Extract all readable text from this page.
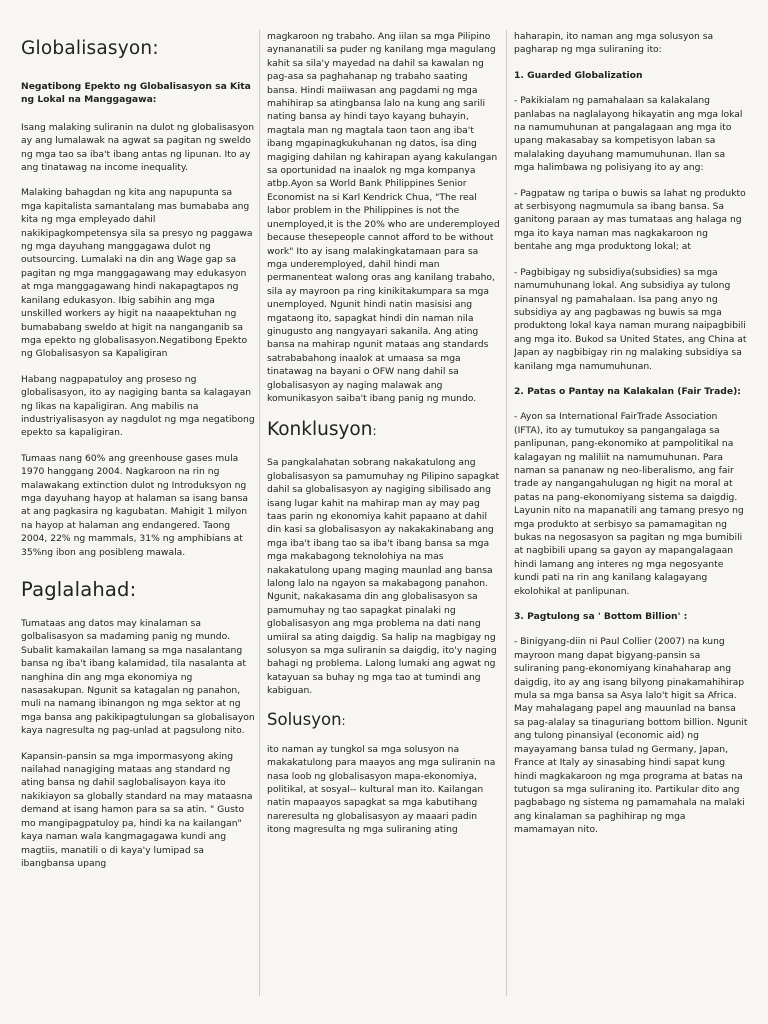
Globalisasyon:
Negatibong Epekto ng Globalisasyon sa Kita ng Lokal na Manggagawa:

Isang malaking suliranin na dulot ng globalisasyon ay ang lumalawak na agwat sa pagitan ng sweldo ng mga tao sa iba't ibang antas ng lipunan. Ito ay ang tinatawag na income inequality.

Malaking bahagdan ng kita ang napupunta sa mga kapitalista samantalang mas bumababa ang kita ng mga empleyado dahil nakikipagkompetensya sila sa presyo ng paggawa ng mga dayuhang manggagawa dulot ng outsourcing. Lumalaki na din ang Wage gap sa pagitan ng mga manggagawang may edukasyon at mga manggagawang hindi nakapagtapos ng kanilang edukasyon. Ibig sabihin ang mga unskilled workers ay higit na naaapektuhan ng bumababang sweldo at higit na nanganganib sa mga epekto ng globalisasyon.Negatibong Epekto ng Globalisasyon sa Kapaligiran

Habang nagpapatuloy ang proseso ng globalisasyon, ito ay nagiging banta sa kalagayan ng likas na kapaligiran. Ang mabilis na industriyalisasyon ay nagdulot ng mga negatibong epekto sa kapaligiran.

Tumaas nang 60% ang greenhouse gases mula 1970 hanggang 2004. Nagkaroon na rin ng malawakang extinction dulot ng Introduksyon ng mga dayuhang hayop at halaman sa isang bansa at ang pagkasira ng kagubatan. Mahigit 1 milyon na hayop at halaman ang endangered. Taong 2004, 22% ng mammals, 31% ng amphibians at 35%ng ibon ang posibleng mawala.

Paglalahad:

Tumataas ang datos may kinalaman sa golbalisasyon sa madaming panig ng mundo. Subalit kamakailan lamang sa mga nasalantang bansa ng iba't ibang kalamidad, tila nasalanta at nanghina din ang mga ekonomiya ng nasasakupan. Ngunit sa katagalan ng panahon, muli na namang ibinangon ng mga sektor at ng mga bansa ang pakikipagtulungan sa globalisayon kaya nagresulta ng pag-unlad at pagsulong nito.

Kapansin-pansin sa mga impormasyong aking nailahad nanagiging mataas ang standard ng ating bansa ng dahil saglobalisayon kaya ito nakikiayon sa globally standard na may mataasna demand at isang hamon para sa sa atin. " Gusto mo mangipagpatuloy pa, hindi ka na kailangan" kaya naman wala kangmagagawa kundi ang magtiis, manatili o di kaya'y lumipad sa ibangbansa upang

magkaroon ng trabaho. Ang iilan sa mga Pilipino aynananatili sa puder ng kanilang mga magulang kahit sa sila'y mayedad na dahil sa kawalan ng pag-asa sa paghahanap ng trabaho saating bansa. Hindi maiiwasan ang pagdami ng mga mahihirap sa atingbansa lalo na kung ang sarili nating bansa ay hindi tayo kayang buhayin, magtala man ng magtala taon taon ang iba't ibang mgapinagkukuhanan ng datos, isa ding magiging dahilan ng kahirapan ayang kakulangan sa oportunidad na inaalok ng mga kompanya atbp.Ayon sa World Bank Philippines Senior Economist na si Karl Kendrick Chua, "The real labor problem in the Philippines is not the unemployed,it is the 20% who are underemployed because thesepeople cannot afford to be without work" Ito ay isang malakingkatamaan para sa mga underemployed, dahil hindi man permanenteat walong oras ang kanilang trabaho, sila ay mayroon pa ring kinikitakumpara sa mga unemployed. Ngunit hindi natin masisisi ang mgataong ito, sapagkat hindi din naman nila ginugusto ang nangyayari sakanila. Ang ating bansa na mahirap ngunit mataas ang standards satrababahong inaalok at umaasa sa mga tinatawag na bayani o OFW nang dahil sa globalisasyon ay naging malawak ang komunikasyon saiba't ibang panig ng mundo.

Konklusyon:

Sa pangkalahatan sobrang nakakatulong ang globalisasyon sa pamumuhay ng Pilipino sapagkat dahil sa globalisasyon ay nagiging sibilisado ang isang lugar kahit na mahirap man ay may pag taas parin ng ekonomiya kahit papaano at dahil din kasi sa globalisasyon ay nakakakinabang ang mga iba't ibang tao sa iba't ibang bansa sa mga mga makabagong teknolohiya na mas nakakatulong upang maging maunlad ang bansa lalong lalo na ngayon sa makabagong panahon. Ngunit, nakakasama din ang globalisasyon sa pamumuhay ng tao sapagkat pinalaki ng globalisasyon ang mga problema na dati nang umiiral sa ating daigdig. Sa halip na magbigay ng solusyon sa mga suliranin sa daigdig, ito'y naging bahagi ng problema. Lalong lumaki ang agwat ng katayuan sa buhay ng mga tao at tumindi ang kabiguan.

Solusyon:

ito naman ay tungkol sa mga solusyon na makakatulong para maayos ang mga suliranin na nasa loob ng globalisasyon mapa-ekonomiya, politikal, at sosyal-- kultural man ito. Kailangan natin mapaayos sapagkat sa mga kabutihang nareresulta ng globalisasyon ay maaari padin itong magresulta ng mga suliraning ating

haharapin, ito naman ang mga solusyon sa pagharap ng mga suliraning ito:

1. Guarded Globalization

- Pakikialam ng pamahalaan sa kalakalang panlabas na naglalayong hikayatin ang mga lokal na namumuhunan at pangalagaan ang mga ito upang makasabay sa kompetisyon laban sa malalaking dayuhang mamumuhunan. Ilan sa mga halimbawa ng polisiyang ito ay ang:

- Pagpataw ng taripa o buwis sa lahat ng produkto at serbisyong nagmumula sa ibang bansa. Sa ganitong paraan ay mas tumataas ang halaga ng mga ito kaya naman mas nagkakaroon ng bentahe ang mga produktong lokal; at

- Pagbibigay ng subsidiya(subsidies) sa mga namumuhunang lokal. Ang subsidiya ay tulong pinansyal ng pamahalaan. Isa pang anyo ng subsidiya ay ang pagbawas ng buwis sa mga produktong lokal kaya naman murang naipagbibili ang mga ito. Bukod sa United States, ang China at Japan ay nagbibigay rin ng malaking subsidiya sa kanilang mga namumuhunan.

2. Patas o Pantay na Kalakalan (Fair Trade):

- Ayon sa International FairTrade Association (IFTA), ito ay tumutukoy sa pangangalaga sa panlipunan, pang-ekonomiko at pampolitikal na kalagayan ng maliliit na namumuhunan. Para naman sa pananaw ng neo-liberalismo, ang fair trade ay nangangahulugan ng higit na moral at patas na pang-ekonomiyang sistema sa daigdig. Layunin nito na mapanatili ang tamang presyo ng mga produkto at serbisyo sa pamamagitan ng bukas na negosasyon sa pagitan ng mga bumibili at nagbibili upang sa gayon ay mapangalagaan hindi lamang ang interes ng mga negosyante kundi pati na rin ang kanilang kalagayang ekolohikal at panlipunan.

3. Pagtulong sa ' Bottom Billion' :

- Binigyang-diin ni Paul Collier (2007) na kung mayroon mang dapat bigyang-pansin sa suliraning pang-ekonomiyang kinahaharap ang daigdig, ito ay ang isang bilyong pinakamahihirap mula sa mga bansa sa Asya lalo't higit sa Africa. May mahalagang papel ang mauunlad na bansa sa pag-alalay sa tinaguriang bottom billion. Ngunit ang tulong pinansiyal (economic aid) ng mayayamang bansa tulad ng Germany, Japan, France at Italy ay sinasabing hindi sapat kung hindi magkakaroon ng mga programa at batas na tutugon sa mga suliraning ito. Partikular dito ang pagbabago ng sistema ng pamamahala na malaki ang kinalaman sa paghihirap ng mga mamamayan nito.
